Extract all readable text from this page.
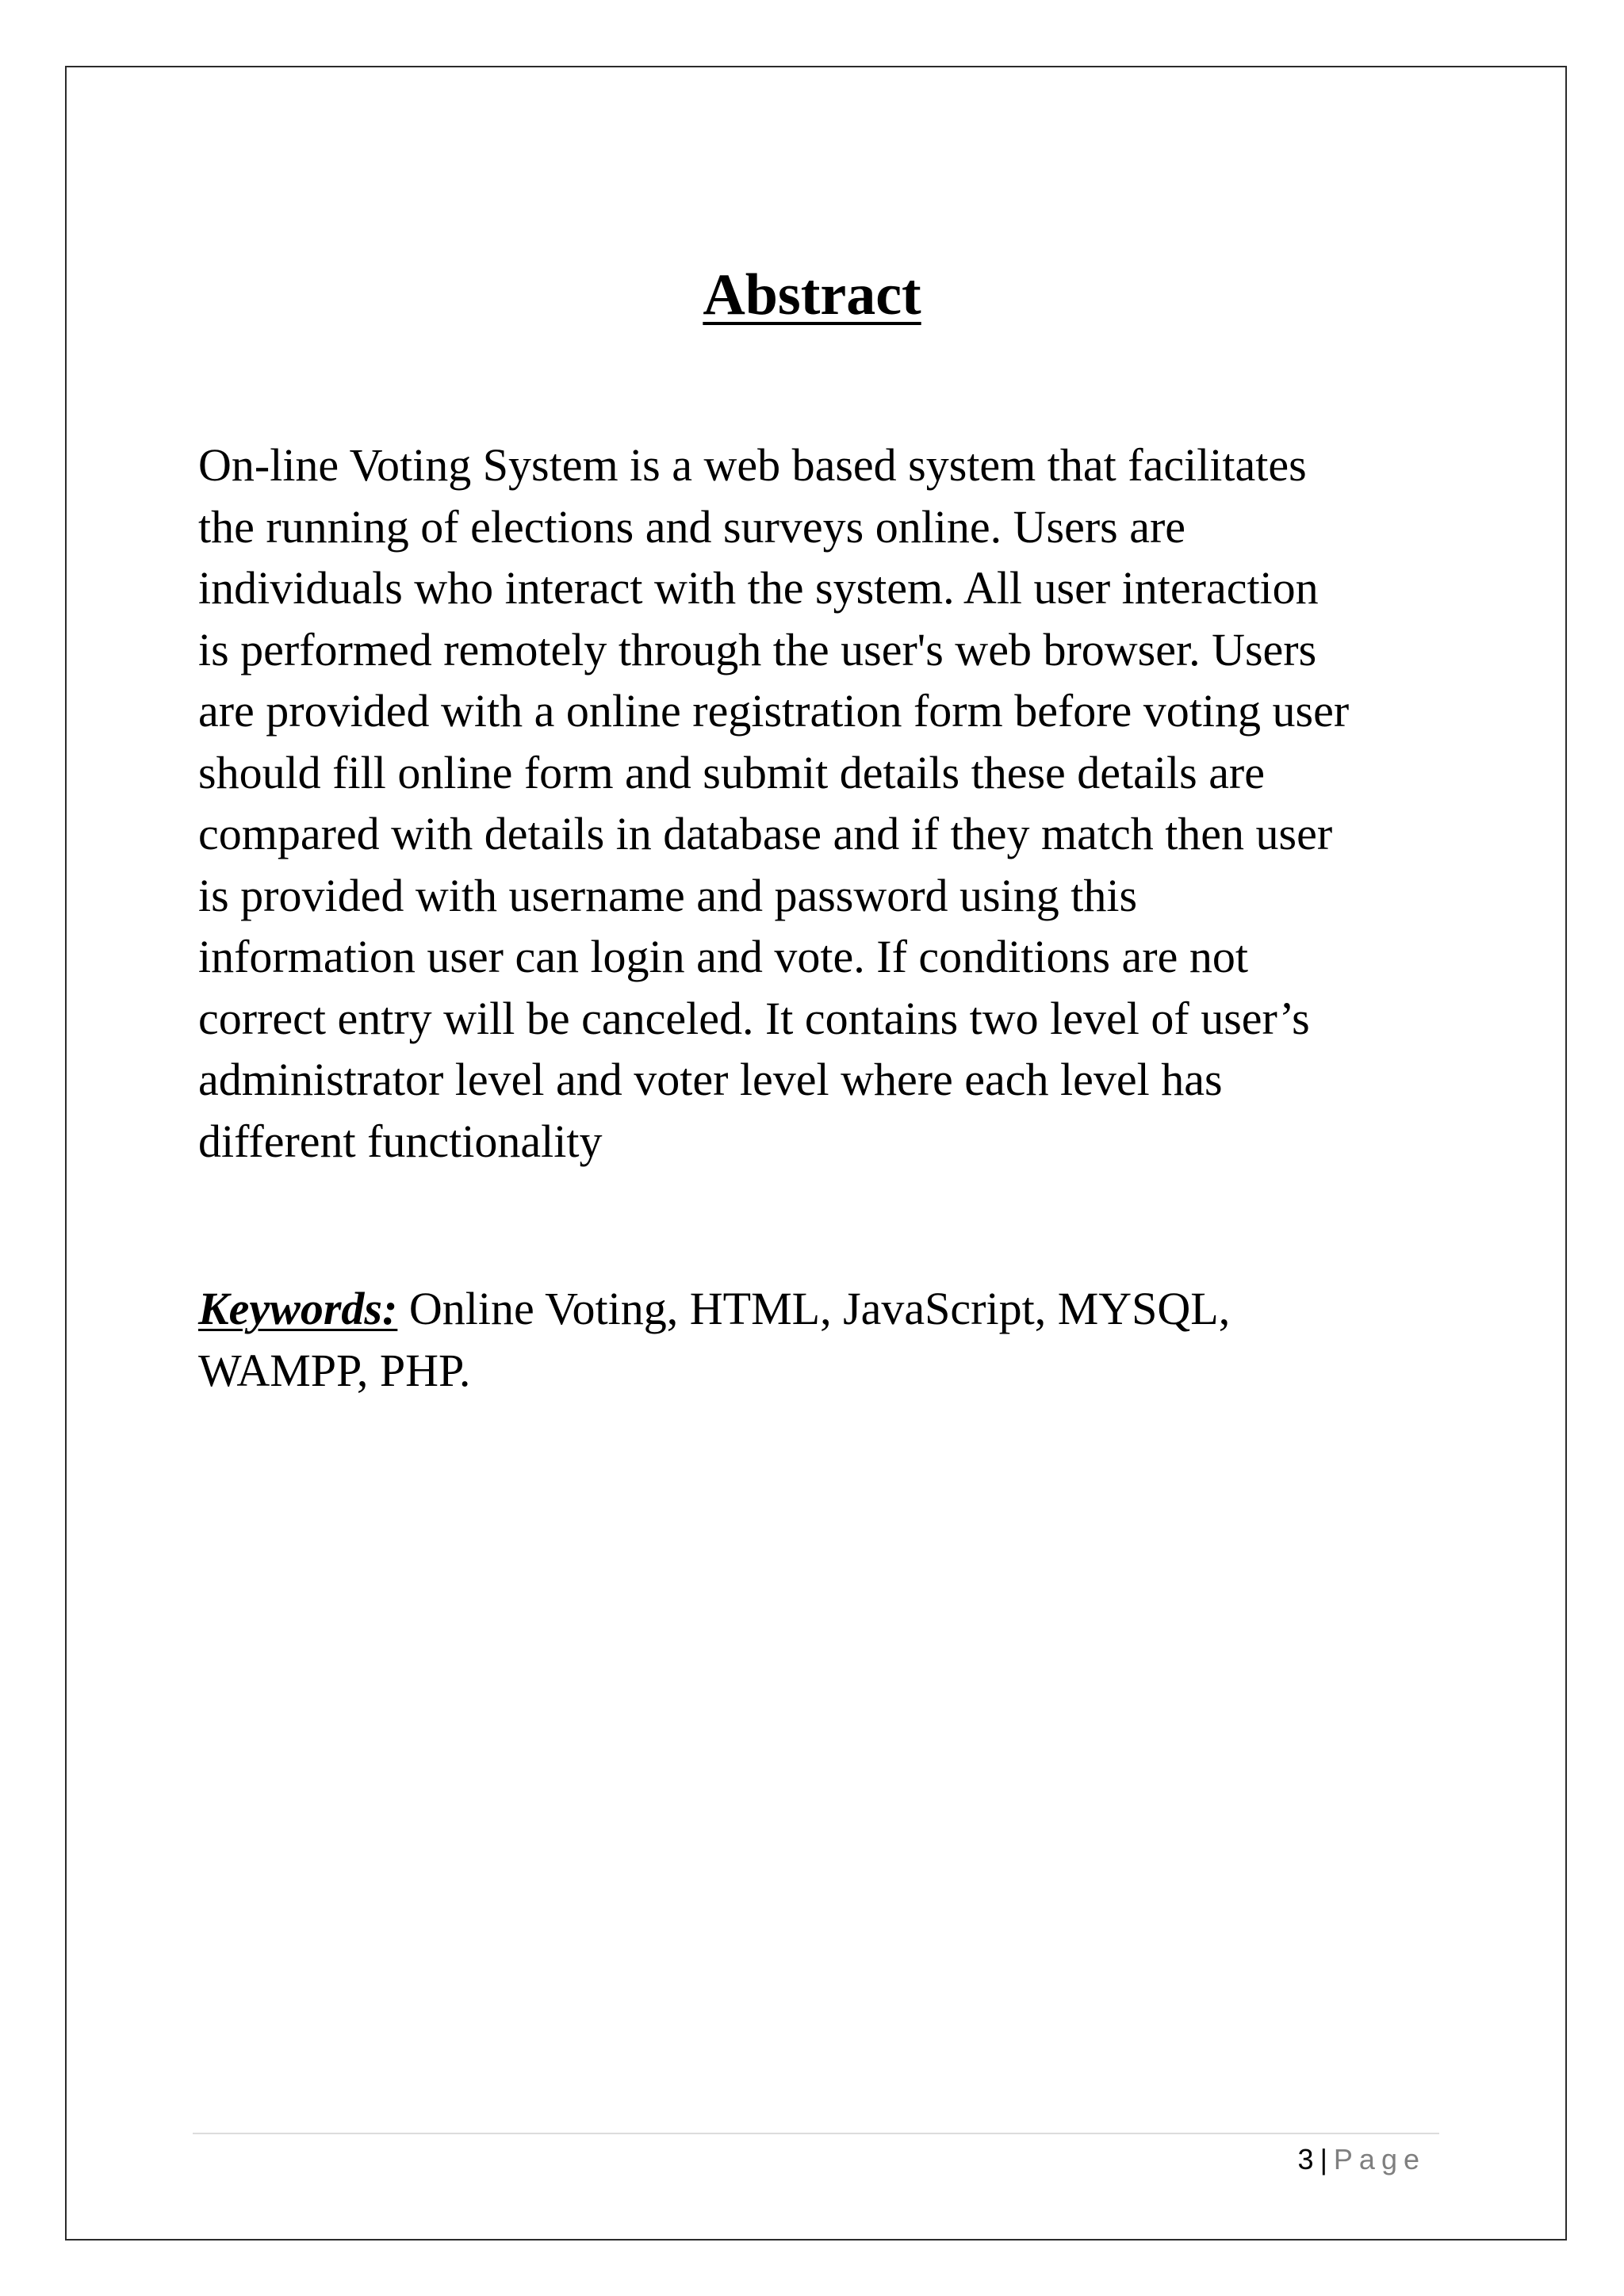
Abstract
On-line Voting System is a web based system that facilitates
the running of elections and surveys online. Users are
individuals who interact with the system. All user interaction
is performed remotely through the user's web browser. Users
are provided with a online registration form before voting user
should fill online form and submit details these details are
compared with details in database and if they match then user
is provided with username and password using this
information user can login and vote. If conditions are not
correct entry will be canceled. It contains two level of user’s
administrator level and voter level where each level has
different functionality
Keywords: Online Voting, HTML, JavaScript, MYSQL,
WAMPP, PHP.
3 | Page
